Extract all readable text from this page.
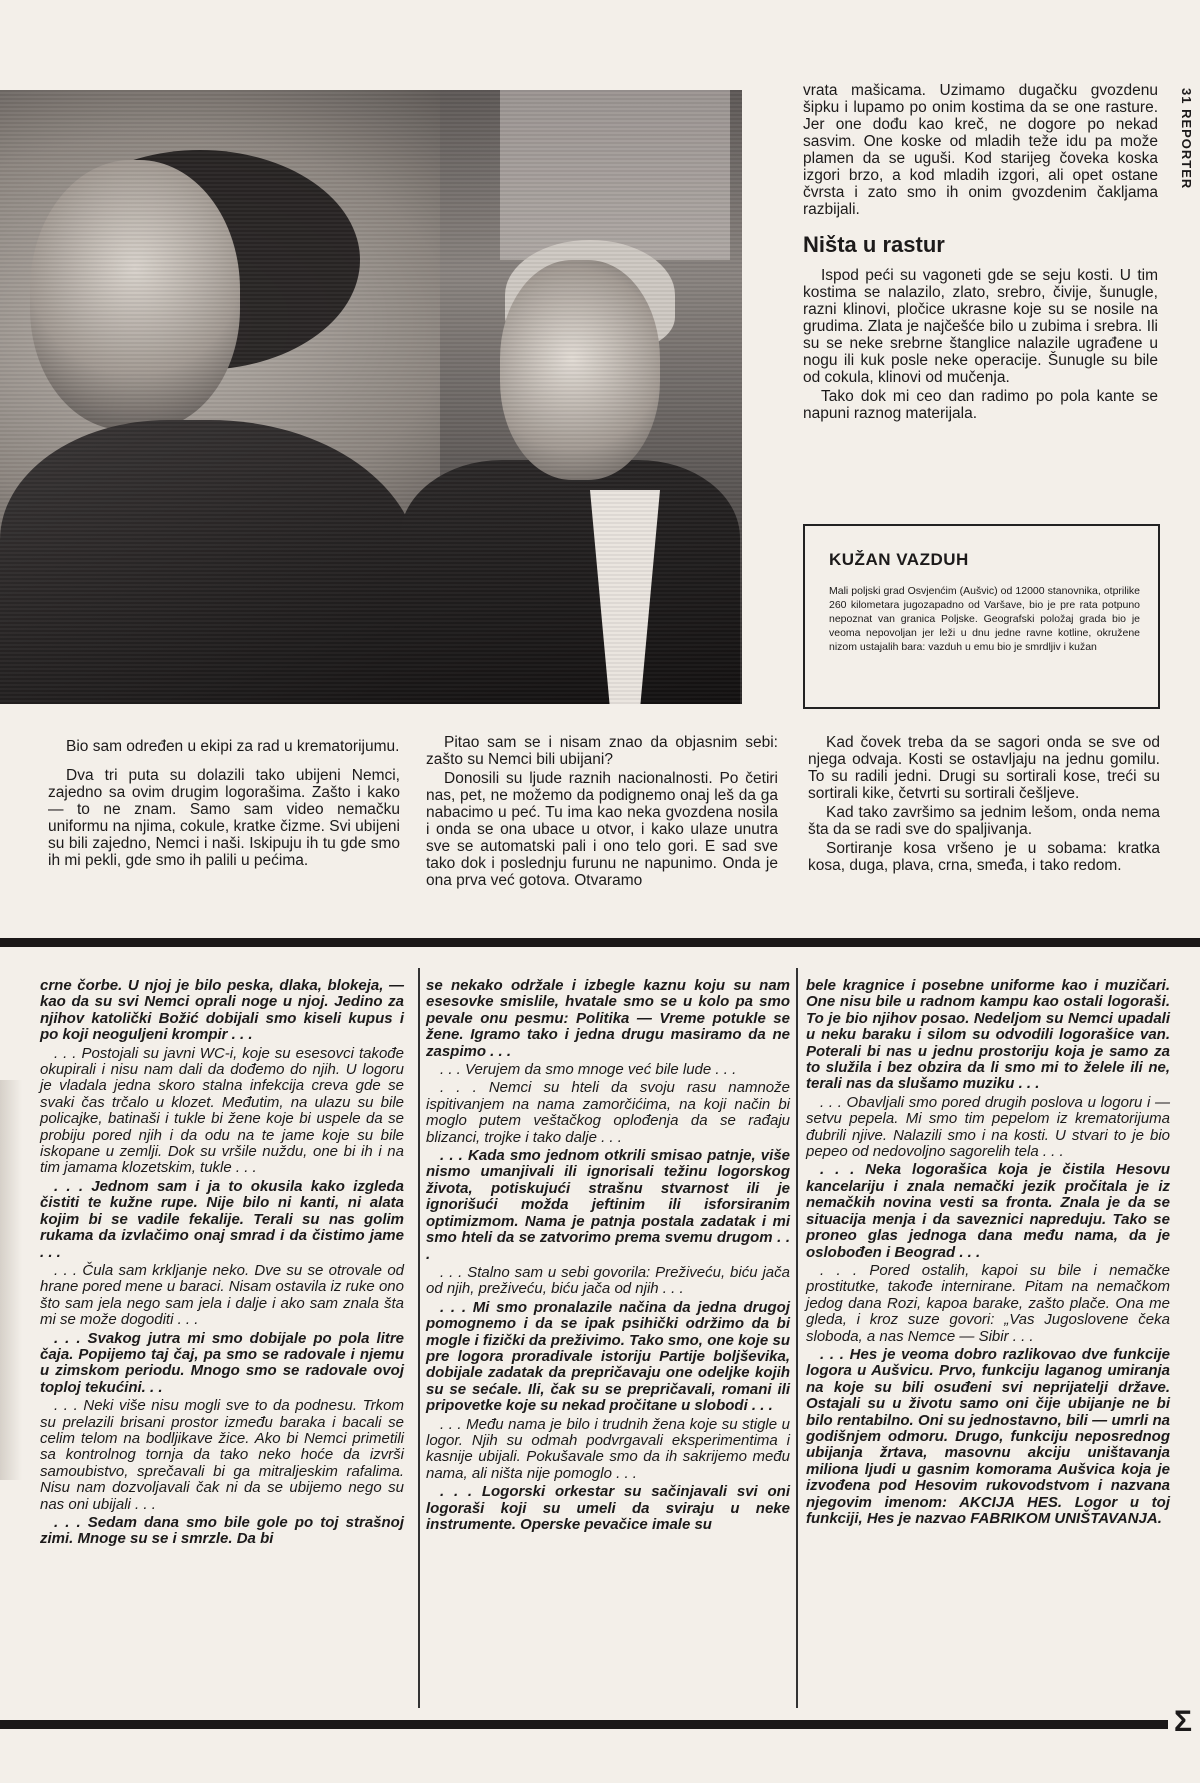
31 REPORTER

vrata mašicama. Uzimamo dugačku gvozdenu šipku i lupamo po onim kostima da se one rasture. Jer one dođu kao kreč, ne dogore po nekad sasvim. One koske od mladih teže idu pa može plamen da se uguši. Kod starijeg čoveka koska izgori brzo, a kod mladih izgori, ali opet ostane čvrsta i zato smo ih onim gvozdenim čakljama razbijali.

Ništa u rastur

Ispod peći su vagoneti gde se seju kosti. U tim kostima se nalazilo, zlato, srebro, čivije, šunugle, razni klinovi, pločice ukrasne koje su se nosile na grudima. Zlata je najčešće bilo u zubima i srebra. Ili su se neke srebrne štanglice nalazile ugrađene u nogu ili kuk posle neke operacije. Šunugle su bile od cokula, klinovi od mučenja.

Tako dok mi ceo dan radimo po pola kante se napuni raznog materijala.

KUŽAN VAZDUH

Mali poljski grad Osvjenćim (Aušvic) od 12000 stanovnika, otprilike 260 kilometara jugozapadno od Varšave, bio je pre rata potpuno nepoznat van granica Poljske. Geografski položaj grada bio je veoma nepovoljan jer leži u dnu jedne ravne kotline, okružene nizom ustajalih bara: vazduh u emu bio je smrdljiv i kužan

Bio sam određen u ekipi za rad u krematorijumu.

Dva tri puta su dolazili tako ubijeni Nemci, zajedno sa ovim drugim logorašima. Zašto i kako — to ne znam. Samo sam video nemačku uniformu na njima, cokule, kratke čizme. Svi ubijeni su bili zajedno, Nemci i naši. Iskipuju ih tu gde smo ih mi pekli, gde smo ih palili u pećima.

Pitao sam se i nisam znao da objasnim sebi: zašto su Nemci bili ubijani?

Donosili su ljude raznih nacionalnosti. Po četiri nas, pet, ne možemo da podignemo onaj leš da ga nabacimo u peć. Tu ima kao neka gvozdena nosila i onda se ona ubace u otvor, i kako ulaze unutra sve se automatski pali i ono telo gori. E sad sve tako dok i poslednju furunu ne napunimo. Onda je ona prva već gotova. Otvaramo

Kad čovek treba da se sagori onda se sve od njega odvaja. Kosti se ostavljaju na jednu gomilu. To su radili jedni. Drugi su sortirali kose, treći su sortirali kike, četvrti su sortirali češljeve.

Kad tako završimo sa jednim lešom, onda nema šta da se radi sve do spaljivanja.

Sortiranje kosa vršeno je u sobama: kratka kosa, duga, plava, crna, smeđa, i tako redom.

crne čorbe. U njoj je bilo peska, dlaka, blokeja, — kao da su svi Nemci oprali noge u njoj. Jedino za njihov katolički Božić dobijali smo kiseli kupus i po koji neoguljeni krompir . . .

. . . Postojali su javni WC-i, koje su esesovci takođe okupirali i nisu nam dali da dođemo do njih. U logoru je vladala jedna skoro stalna infekcija creva gde se svaki čas trčalo u klozet. Međutim, na ulazu su bile policajke, batinaši i tukle bi žene koje bi uspele da se probiju pored njih i da odu na te jame koje su bile iskopane u zemlji. Dok su vršile nuždu, one bi ih i na tim jamama klozetskim, tukle . . .

. . . Jednom sam i ja to okusila kako izgleda čistiti te kužne rupe. Nije bilo ni kanti, ni alata kojim bi se vadile fekalije. Terali su nas golim rukama da izvlačimo onaj smrad i da čistimo jame . . .

. . . Čula sam krkljanje neko. Dve su se otrovale od hrane pored mene u baraci. Nisam ostavila iz ruke ono što sam jela nego sam jela i dalje i ako sam znala šta mi se može dogoditi . . .

. . . Svakog jutra mi smo dobijale po pola litre čaja. Popijemo taj čaj, pa smo se radovale i njemu u zimskom periodu. Mnogo smo se radovale ovoj toploj tekućini. . .

. . . Neki više nisu mogli sve to da podnesu. Trkom su prelazili brisani prostor između baraka i bacali se celim telom na bodljikave žice. Ako bi Nemci primetili sa kontrolnog tornja da tako neko hoće da izvrši samoubistvo, sprečavali bi ga mitraljeskim rafalima. Nisu nam dozvoljavali čak ni da se ubijemo nego su nas oni ubijali . . .

. . . Sedam dana smo bile gole po toj strašnoj zimi. Mnoge su se i smrzle. Da bi

se nekako održale i izbegle kaznu koju su nam esesovke smislile, hvatale smo se u kolo pa smo pevale onu pesmu: Politika — Vreme potukle se žene. Igramo tako i jedna drugu masiramo da ne zaspimo . . .

. . . Verujem da smo mnoge već bile lude . . .

. . . Nemci su hteli da svoju rasu namnože ispitivanjem na nama zamorčićima, na koji način bi moglo putem veštačkog oplođenja da se rađaju blizanci, trojke i tako dalje . . .

. . . Kada smo jednom otkrili smisao patnje, više nismo umanjivali ili ignorisali težinu logorskog života, potiskujući strašnu stvarnost ili je ignorišući možda jeftinim ili isforsiranim optimizmom. Nama je patnja postala zadatak i mi smo hteli da se zatvorimo prema svemu drugom . . .

. . . Stalno sam u sebi govorila: Preživeću, biću jača od njih, preživeću, biću jača od njih . . .

. . . Mi smo pronalazile načina da jedna drugoj pomognemo i da se ipak psihički održimo da bi mogle i fizički da preživimo. Tako smo, one koje su pre logora proradivale istoriju Partije boljševika, dobijale zadatak da prepričavaju one odeljke kojih su se sećale. Ili, čak su se prepričavali, romani ili pripovetke koje su nekad pročitane u slobodi . . .

. . . Među nama je bilo i trudnih žena koje su stigle u logor. Njih su odmah podvrgavali eksperimentima i kasnije ubijali. Pokušavale smo da ih sakrijemo među nama, ali ništa nije pomoglo . . .

. . . Logorski orkestar su sačinjavali svi oni logoraši koji su umeli da sviraju u neke instrumente. Operske pevačice imale su

bele kragnice i posebne uniforme kao i muzičari. One nisu bile u radnom kampu kao ostali logoraši. To je bio njihov posao. Nedeljom su Nemci upadali u neku baraku i silom su odvodili logorašice van. Poterali bi nas u jednu prostoriju koja je samo za to služila i bez obzira da li smo mi to želele ili ne, terali nas da slušamo muziku . . .

. . . Obavljali smo pored drugih poslova u logoru i — setvu pepela. Mi smo tim pepelom iz krematorijuma đubrili njive. Nalazili smo i na kosti. U stvari to je bio pepeo od nedovoljno sagorelih tela . . .

. . . Neka logorašica koja je čistila Hesovu kancelariju i znala nemački jezik pročitala je iz nemačkih novina vesti sa fronta. Znala je da se situacija menja i da saveznici napreduju. Tako se proneo glas jednoga dana među nama, da je oslobođen i Beograd . . .

. . . Pored ostalih, kapoi su bile i nemačke prostitutke, takođe internirane. Pitam na nemačkom jedog dana Rozi, kapoa barake, zašto plače. Ona me gleda, i kroz suze govori: „Vas Jugoslovene čeka sloboda, a nas Nemce — Sibir . . .

. . . Hes je veoma dobro razlikovao dve funkcije logora u Aušvicu. Prvo, funkciju laganog umiranja na koje su bili osuđeni svi neprijatelji države. Ostajali su u životu samo oni čije ubijanje ne bi bilo rentabilno. Oni su jednostavno, bili — umrli na godišnjem odmoru. Drugo, funkciju neposrednog ubijanja žrtava, masovnu akciju uništavanja miliona ljudi u gasnim komorama Aušvica koja je izvođena pod Hesovim rukovodstvom i nazvana njegovim imenom: AKCIJA HES. Logor u toj funkciji, Hes je nazvao FABRIKOM UNIŠTAVANJA.

Σ
